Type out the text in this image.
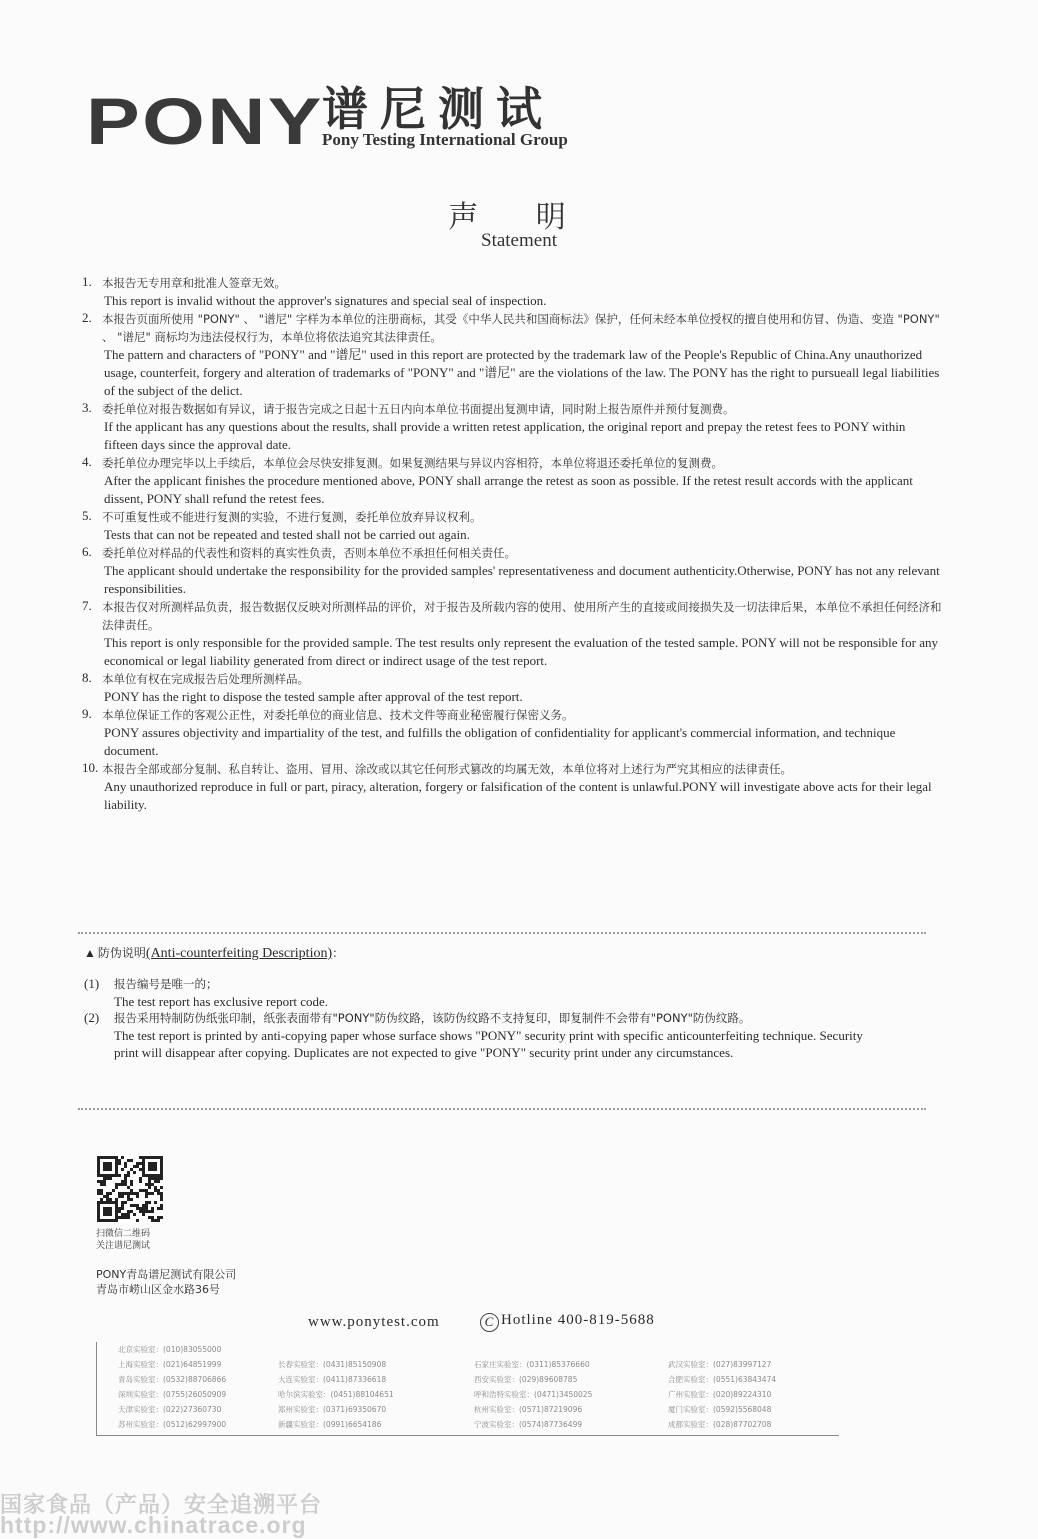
PONY
谱尼测试
Pony Testing International Group
声 明
Statement
1. 本报告无专用章和批准人签章无效。
This report is invalid without the approver's signatures and special seal of inspection.
2. 本报告页面所使用 "PONY" 、 "谱尼" 字样为本单位的注册商标，其受《中华人民共和国商标法》保护，任何未经本单位授权的擅自使用和仿冒、伪造、变造 "PONY" 、 "谱尼" 商标均为违法侵权行为，本单位将依法追究其法律责任。
The pattern and characters of "PONY" and "谱尼" used in this report are protected by the trademark law of the People's Republic of China.Any unauthorized usage, counterfeit, forgery and alteration of trademarks of "PONY" and "谱尼" are the violations of the law. The PONY has the right to pursueall legal liabilities of the subject of the delict.
3. 委托单位对报告数据如有异议，请于报告完成之日起十五日内向本单位书面提出复测申请，同时附上报告原件并预付复测费。
If the applicant has any questions about the results, shall provide a written retest application, the original report and prepay the retest fees to PONY within fifteen days since the approval date.
4. 委托单位办理完毕以上手续后，本单位会尽快安排复测。如果复测结果与异议内容相符，本单位将退还委托单位的复测费。
After the applicant finishes the procedure mentioned above, PONY shall arrange the retest as soon as possible. If the retest result accords with the applicant dissent, PONY shall refund the retest fees.
5. 不可重复性或不能进行复测的实验，不进行复测，委托单位放弃异议权利。
Tests that can not be repeated and tested shall not be carried out again.
6. 委托单位对样品的代表性和资料的真实性负责，否则本单位不承担任何相关责任。
The applicant should undertake the responsibility for the provided samples' representativeness and document authenticity.Otherwise, PONY has not any relevant responsibilities.
7. 本报告仅对所测样品负责，报告数据仅反映对所测样品的评价，对于报告及所载内容的使用、使用所产生的直接或间接损失及一切法律后果，本单位不承担任何经济和法律责任。
This report is only responsible for the provided sample. The test results only represent the evaluation of the tested sample. PONY will not be responsible for any economical or legal liability generated from direct or indirect usage of the test report.
8. 本单位有权在完成报告后处理所测样品。
PONY has the right to dispose the tested sample after approval of the test report.
9. 本单位保证工作的客观公正性，对委托单位的商业信息、技术文件等商业秘密履行保密义务。
PONY assures objectivity and impartiality of the test, and fulfills the obligation of confidentiality for applicant's commercial information, and technique document.
10. 本报告全部或部分复制、私自转让、盗用、冒用、涂改或以其它任何形式篡改的均属无效，本单位将对上述行为严究其相应的法律责任。
Any unauthorized reproduce in full or part, piracy, alteration, forgery or falsification of the content is unlawful.PONY will investigate above acts for their legal liability.
▲ 防伪说明(Anti-counterfeiting Description)：
(1) 报告编号是唯一的；
The test report has exclusive report code.
(2) 报告采用特制防伪纸张印制，纸张表面带有"PONY"防伪纹路，该防伪纹路不支持复印，即复制件不会带有"PONY"防伪纹路。
The test report is printed by anti-copying paper whose surface shows "PONY" security print with specific anticounterfeiting technique. Security print will disappear after copying. Duplicates are not expected to give "PONY" security print under any circumstances.
扫微信二维码
关注谱尼测试
PONY青岛谱尼测试有限公司
青岛市崂山区金水路36号
www.ponytest.com	C Hotline 400-819-5688
北京实验室：(010)83055000
上海实验室：(021)64851999
青岛实验室：(0532)88706866
深圳实验室：(0755)26050909
天津实验室：(022)27360730
苏州实验室：(0512)62997900
长春实验室：(0431)85150908
大连实验室：(0411)87336618
哈尔滨实验室：(0451)88104651
郑州实验室：(0371)69350670
新疆实验室：(0991)6654186
石家庄实验室：(0311)85376660
西安实验室：(029)89608785
呼和浩特实验室：(0471)3450025
杭州实验室：(0571)87219096
宁波实验室：(0574)87736499
武汉实验室：(027)83997127
合肥实验室：(0551)63843474
广州实验室：(020)89224310
厦门实验室：(0592)5568048
成都实验室：(028)87702708
国家食品（产品）安全追溯平台
http://www.chinatrace.org
